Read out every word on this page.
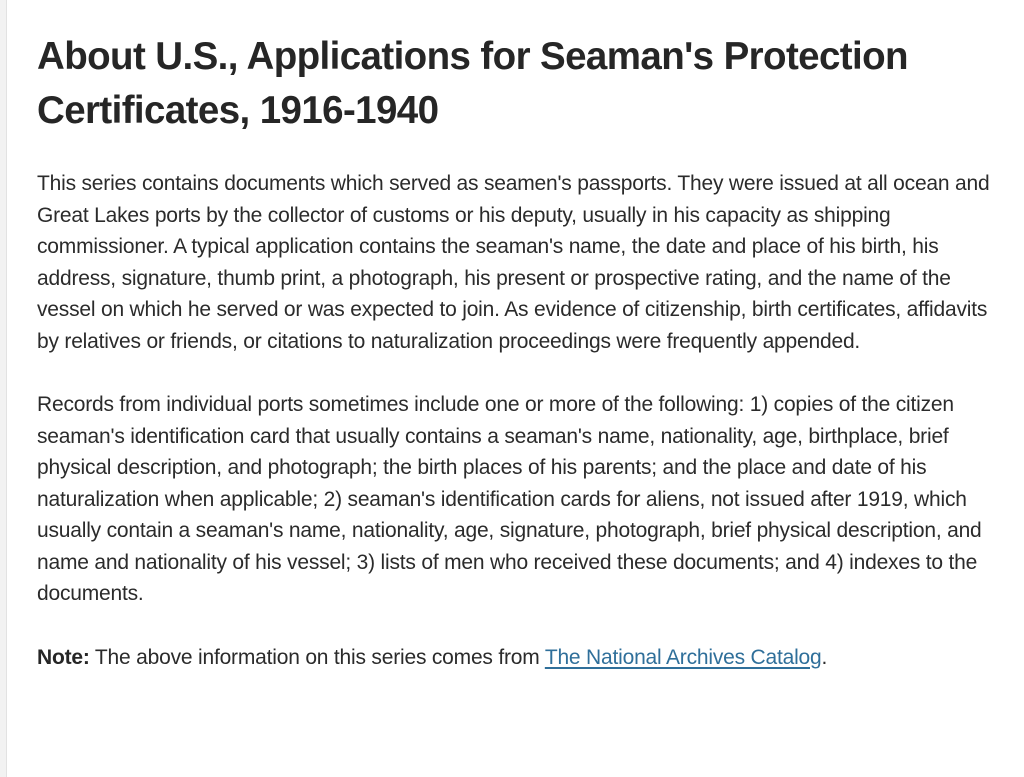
About U.S., Applications for Seaman's Protection Certificates, 1916-1940

This series contains documents which served as seamen's passports. They were issued at all ocean and Great Lakes ports by the collector of customs or his deputy, usually in his capacity as shipping commissioner. A typical application contains the seaman's name, the date and place of his birth, his address, signature, thumb print, a photograph, his present or prospective rating, and the name of the vessel on which he served or was expected to join. As evidence of citizenship, birth certificates, affidavits by relatives or friends, or citations to naturalization proceedings were frequently appended.

Records from individual ports sometimes include one or more of the following: 1) copies of the citizen seaman's identification card that usually contains a seaman's name, nationality, age, birthplace, brief physical description, and photograph; the birth places of his parents; and the place and date of his naturalization when applicable; 2) seaman's identification cards for aliens, not issued after 1919, which usually contain a seaman's name, nationality, age, signature, photograph, brief physical description, and name and nationality of his vessel; 3) lists of men who received these documents; and 4) indexes to the documents.

Note: The above information on this series comes from The National Archives Catalog.
